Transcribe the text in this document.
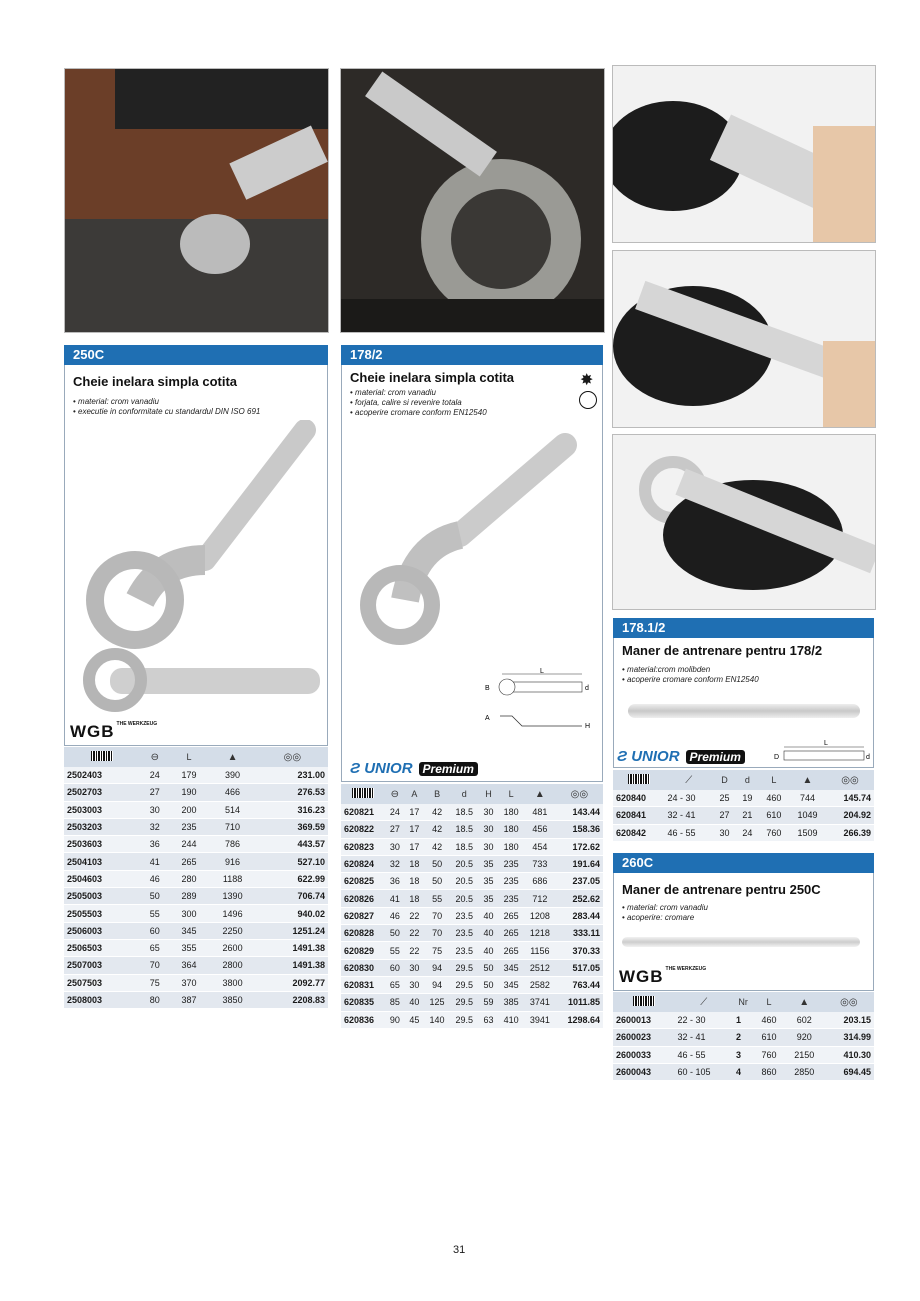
250C
Cheie inelara simpla cotita
• material: crom vanadiu
• executie in conformitate cu standardul DIN ISO 691
WGB THE WERKZEUG
	⊖	L	▲	◎◎
2502403	24	179	390	231.00
2502703	27	190	466	276.53
2503003	30	200	514	316.23
2503203	32	235	710	369.59
2503603	36	244	786	443.57
2504103	41	265	916	527.10
2504603	46	280	1188	622.99
2505003	50	289	1390	706.74
2505503	55	300	1496	940.02
2506003	60	345	2250	1251.24
2506503	65	355	2600	1491.38
2507003	70	364	2800	1491.38
2507503	75	370	3800	2092.77
2508003	80	387	3850	2208.83
178/2
Cheie inelara simpla cotita	✸
• material: crom vanadiu
• forjata, calire si revenire totala
• acoperire cromare conform EN12540
L
B	d
A
H
Ƨ UNIOR Premium
	⊖	A	B	d	H	L	▲	◎◎
620821	24	17	42	18.5	30	180	481	143.44
620822	27	17	42	18.5	30	180	456	158.36
620823	30	17	42	18.5	30	180	454	172.62
620824	32	18	50	20.5	35	235	733	191.64
620825	36	18	50	20.5	35	235	686	237.05
620826	41	18	55	20.5	35	235	712	252.62
620827	46	22	70	23.5	40	265	1208	283.44
620828	50	22	70	23.5	40	265	1218	333.11
620829	55	22	75	23.5	40	265	1156	370.33
620830	60	30	94	29.5	50	345	2512	517.05
620831	65	30	94	29.5	50	345	2582	763.44
620835	85	40	125	29.5	59	385	3741	1011.85
620836	90	45	140	29.5	63	410	3941	1298.64
178.1/2
Maner de antrenare pentru 178/2
• material:crom molibden
• acoperire cromare conform EN12540
Ƨ UNIOR Premium
L
D	d
	⟋	D	d	L	▲	◎◎
620840	24 - 30	25	19	460	744	145.74
620841	32 - 41	27	21	610	1049	204.92
620842	46 - 55	30	24	760	1509	266.39
260C
Maner de antrenare pentru 250C
• material: crom vanadiu
• acoperire: cromare
WGB THE WERKZEUG
	⟋	Nr	L	▲	◎◎
2600013	22 - 30	1	460	602	203.15
2600023	32 - 41	2	610	920	314.99
2600033	46 - 55	3	760	2150	410.30
2600043	60 - 105	4	860	2850	694.45
31
